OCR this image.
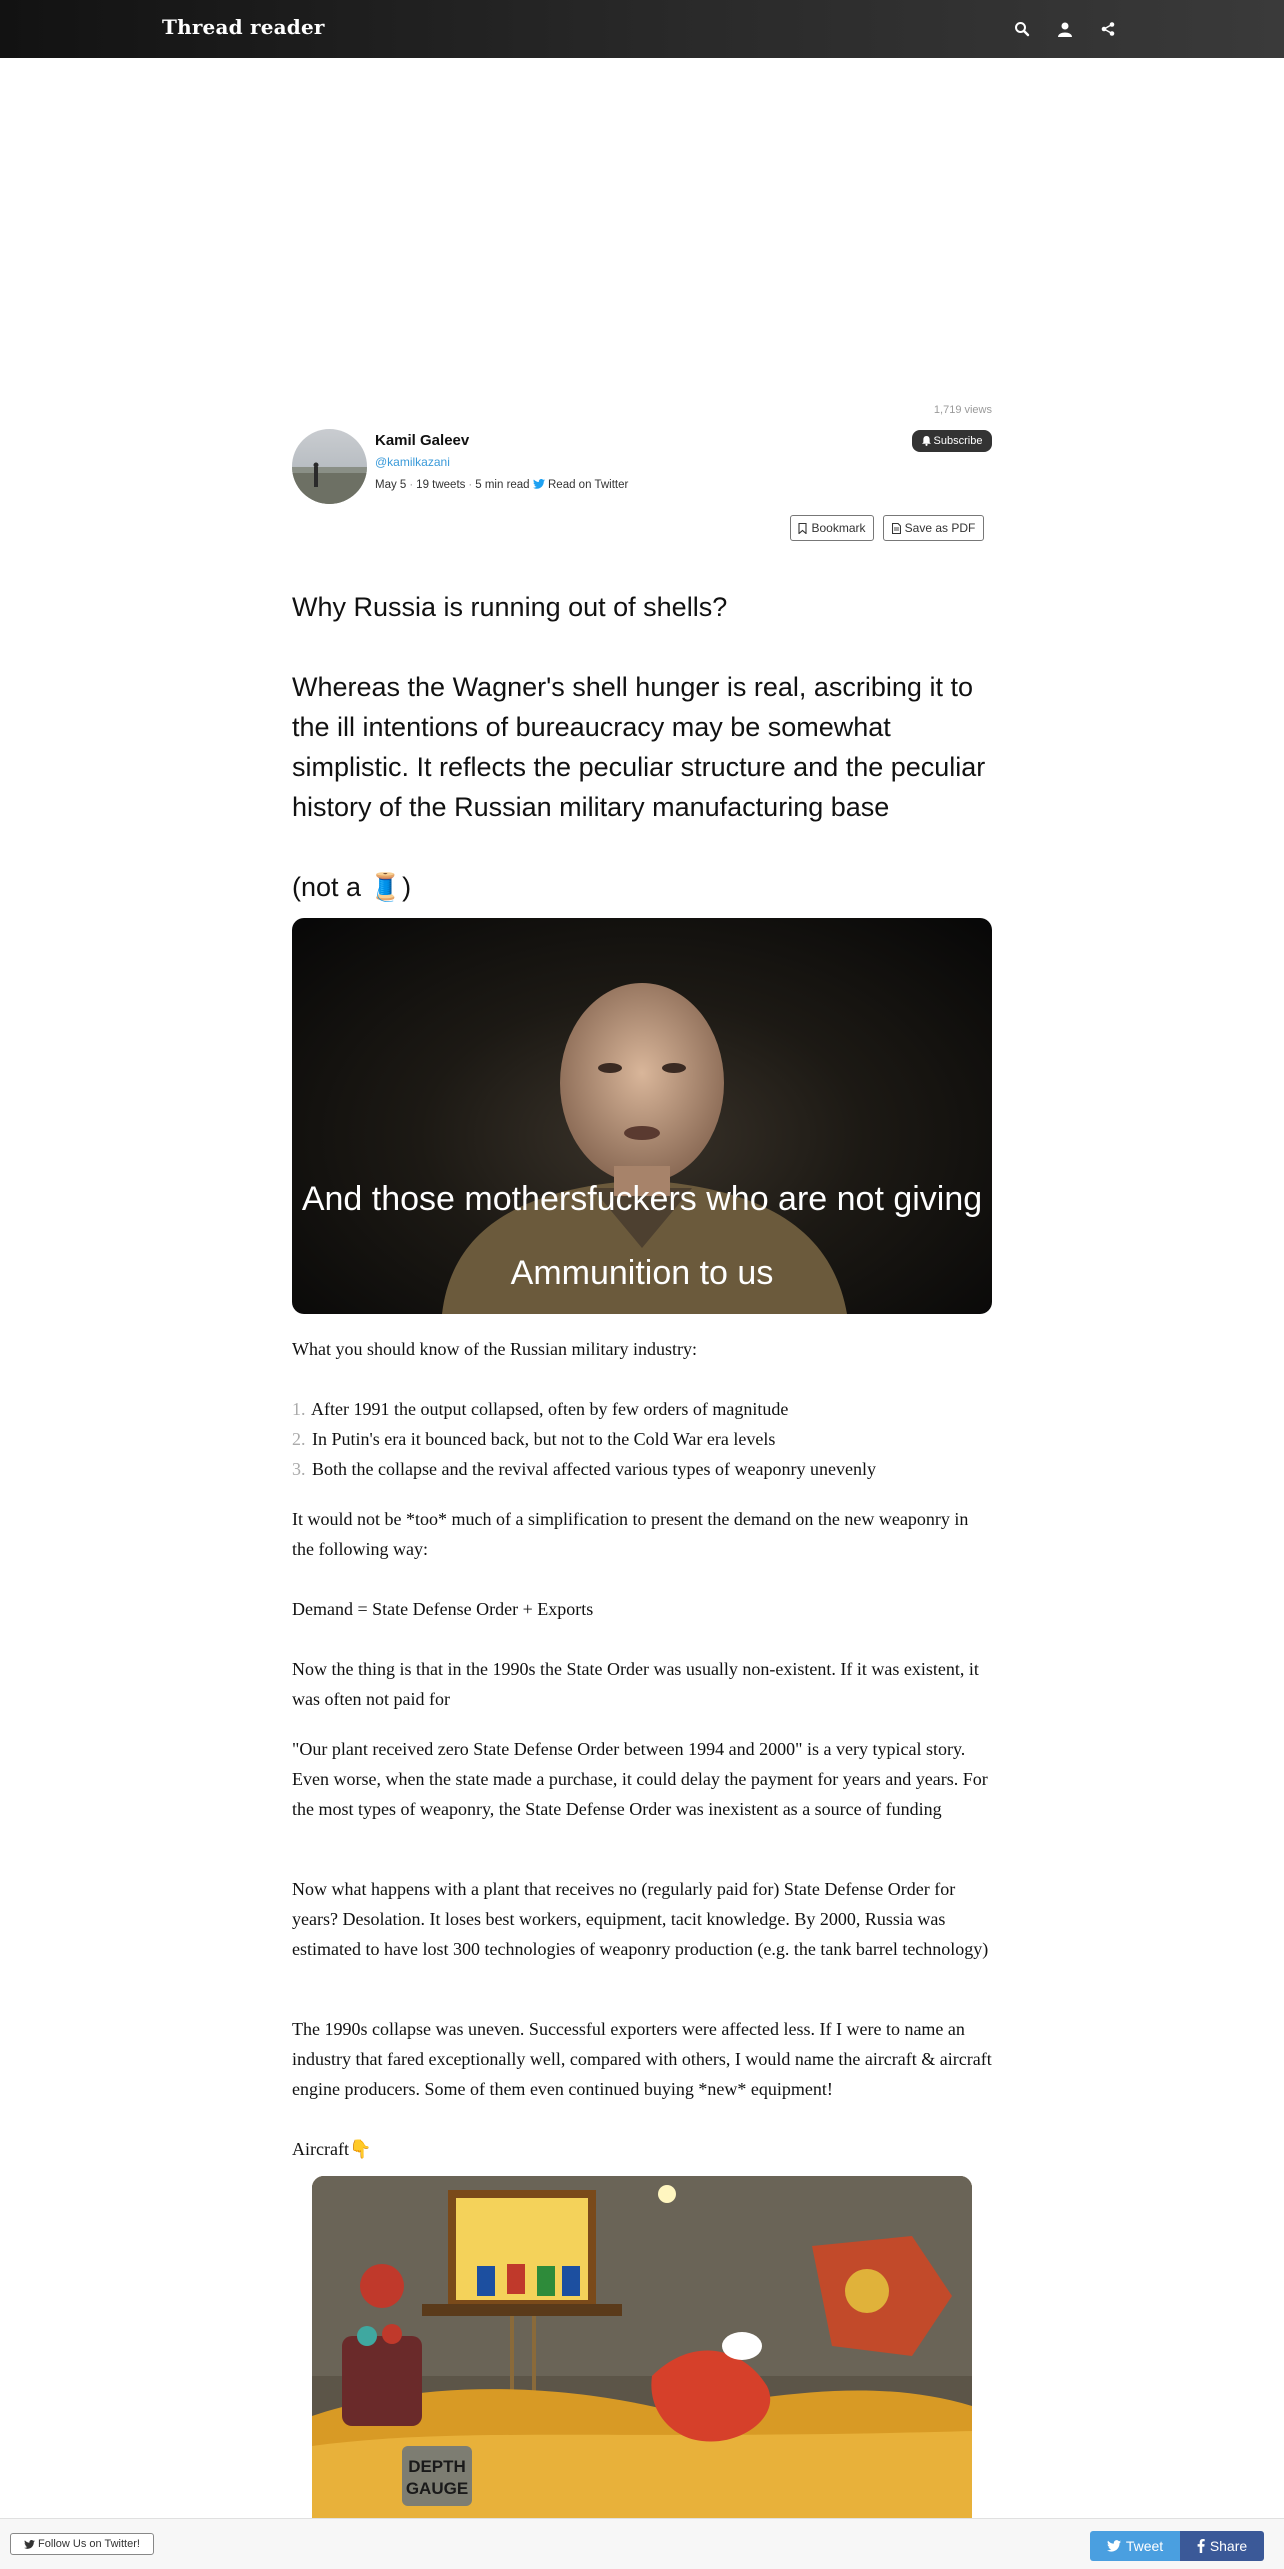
Thread reader
1,719 views
Kamil Galeev
@kamilkazani
May 5 · 19 tweets · 5 min read Read on Twitter
Subscribe
Bookmark	Save as PDF
Why Russia is running out of shells?
Whereas the Wagner's shell hunger is real, ascribing it to the ill intentions of bureaucracy may be somewhat simplistic. It reflects the peculiar structure and the peculiar history of the Russian military manufacturing base
(not a 🧵)
And those mothersfuckers who are not giving
Ammunition to us
What you should know of the Russian military industry:
1. After 1991 the output collapsed, often by few orders of magnitude
2. In Putin's era it bounced back, but not to the Cold War era levels
3. Both the collapse and the revival affected various types of weaponry unevenly
It would not be *too* much of a simplification to present the demand on the new weaponry in the following way:
Demand = State Defense Order + Exports
Now the thing is that in the 1990s the State Order was usually non-existent. If it was existent, it was often not paid for
"Our plant received zero State Defense Order between 1994 and 2000" is a very typical story. Even worse, when the state made a purchase, it could delay the payment for years and years. For the most types of weaponry, the State Defense Order was inexistent as a source of funding
Now what happens with a plant that receives no (regularly paid for) State Defense Order for years? Desolation. It loses best workers, equipment, tacit knowledge. By 2000, Russia was estimated to have lost 300 technologies of weaponry production (e.g. the tank barrel technology)
The 1990s collapse was uneven. Successful exporters were affected less. If I were to name an industry that fared exceptionally well, compared with others, I would name the aircraft & aircraft engine producers. Some of them even continued buying *new* equipment!
Aircraft👇
DEPTH
GAUGE
Follow Us on Twitter!	Tweet	Share
